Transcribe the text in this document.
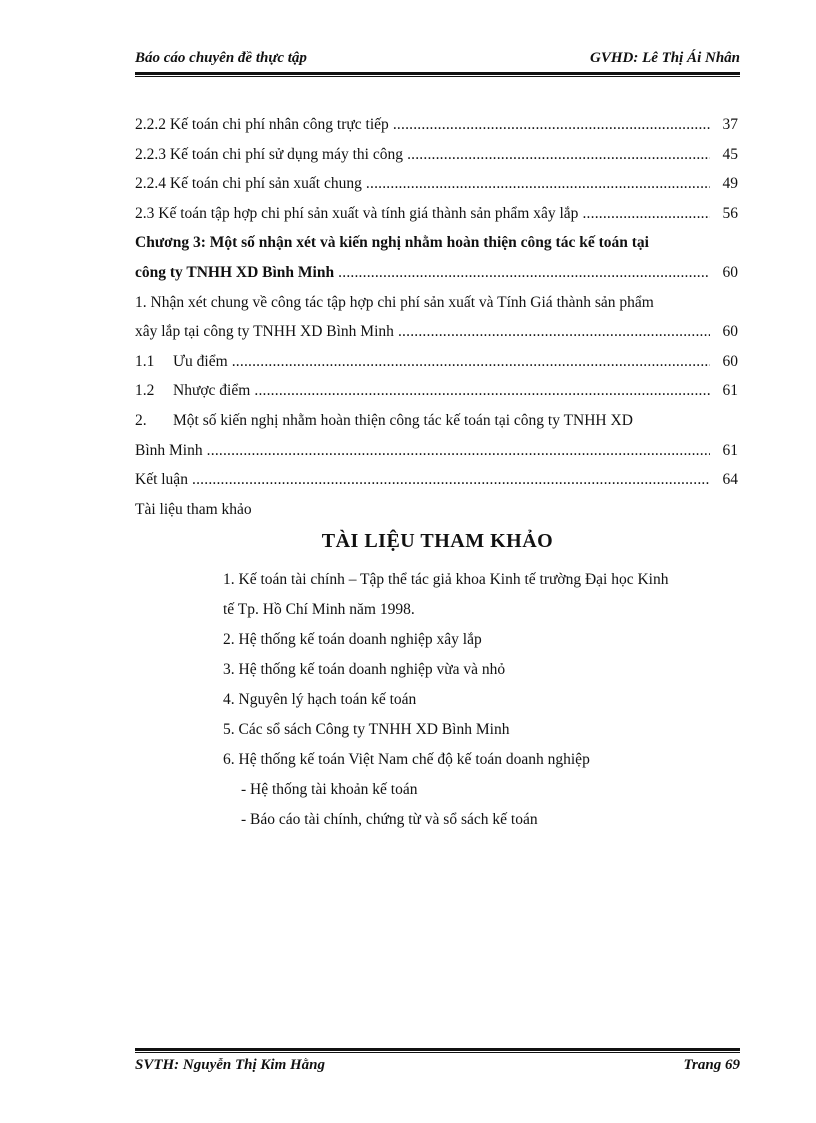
Báo cáo chuyên đề thực tập	GVHD: Lê Thị Ái Nhân
2.2.2 Kế toán chi phí nhân công trực tiếp .....	37
2.2.3 Kế toán chi phí sử dụng máy thi công .....	45
2.2.4 Kế toán chi phí sản xuất chung .....	49
2.3 Kế toán tập hợp chi phí sản xuất và tính giá thành sản phẩm xây lắp .....	56
Chương 3: Một số nhận xét và kiến nghị nhằm hoàn thiện công tác kế toán tại
công ty TNHH XD Bình Minh .....	60
1. Nhận xét chung về công tác tập hợp chi phí sản xuất và Tính Giá thành sản phẩm
xây lắp tại công ty TNHH XD Bình Minh .....	60
1.1 Ưu điểm .....	60
1.2 Nhược điểm .....	61
2. Một số kiến nghị nhằm hoàn thiện công tác kế toán tại công ty TNHH XD
Bình Minh .....	61
Kết luận .....	64
Tài liệu tham khảo
TÀI LIỆU THAM KHẢO
1. Kế toán tài chính – Tập thể tác giả khoa Kinh tế trường Đại học Kinh
tế Tp. Hồ Chí Minh năm 1998.
2. Hệ thống kế toán doanh nghiệp xây lắp
3. Hệ thống kế toán doanh nghiệp vừa và nhỏ
4. Nguyên lý hạch toán kế toán
5. Các sổ sách Công ty TNHH XD Bình Minh
6. Hệ thống kế toán Việt Nam chế độ kế toán doanh nghiệp
- Hệ thống tài khoản kế toán
- Báo cáo tài chính, chứng từ và sổ sách kế toán
SVTH: Nguyễn Thị Kim Hằng	Trang 69
